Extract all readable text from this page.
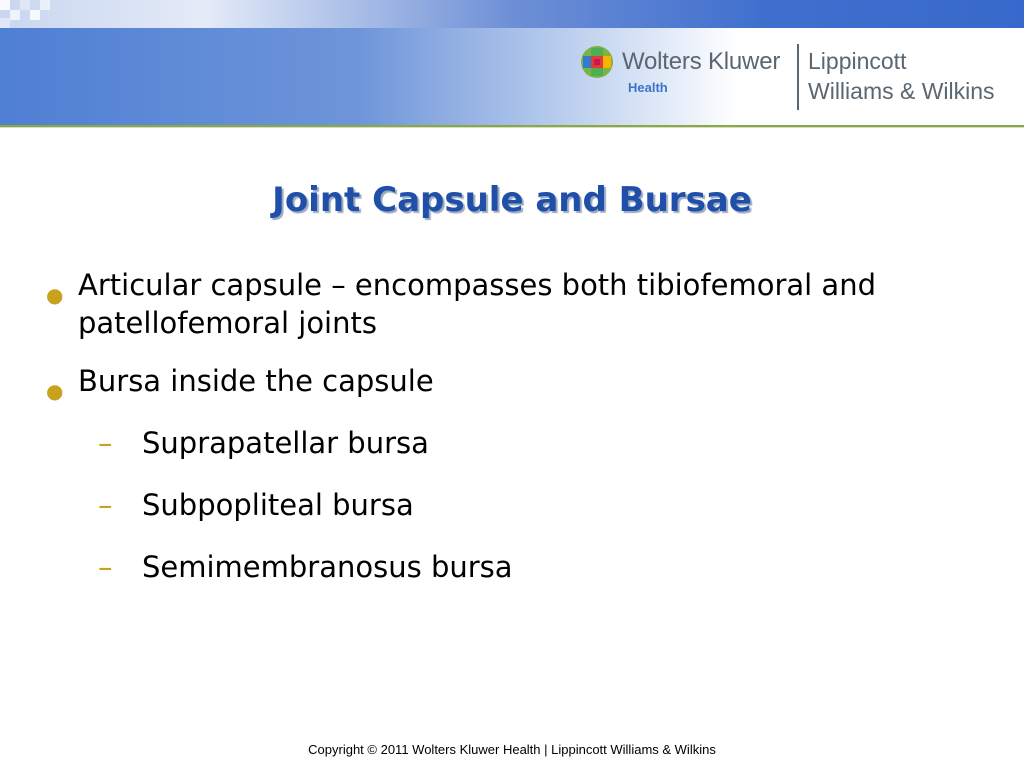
Wolters Kluwer
Health
Lippincott
Williams & Wilkins
Joint Capsule and Bursae
● Articular capsule – encompasses both tibiofemoral and patellofemoral joints
● Bursa inside the capsule
– Suprapatellar bursa
– Subpopliteal bursa
– Semimembranosus bursa
Copyright © 2011 Wolters Kluwer Health | Lippincott Williams & Wilkins
